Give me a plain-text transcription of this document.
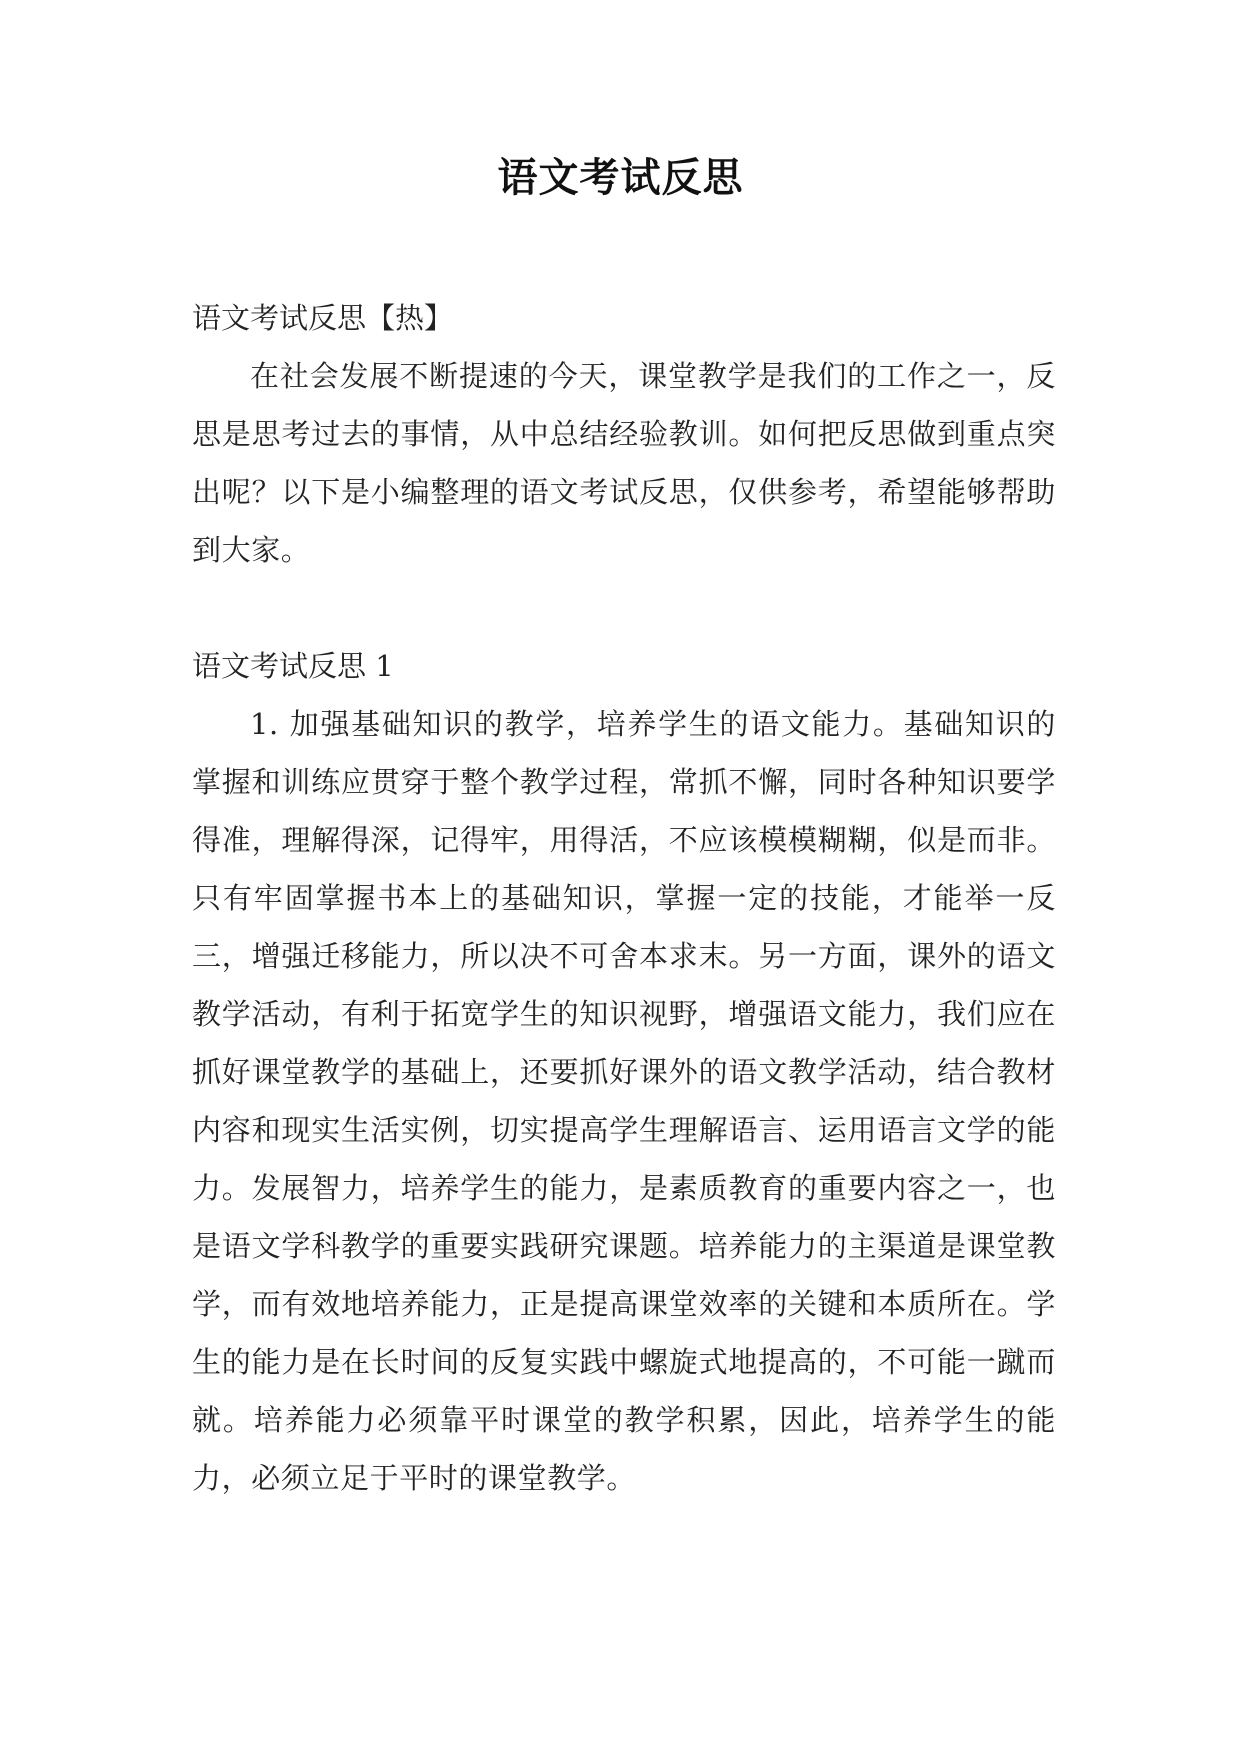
语文考试反思

语文考试反思【热】

在社会发展不断提速的今天，课堂教学是我们的工作之一，反思是思考过去的事情，从中总结经验教训。如何把反思做到重点突出呢？以下是小编整理的语文考试反思，仅供参考，希望能够帮助到大家。

语文考试反思 1

1. 加强基础知识的教学，培养学生的语文能力。基础知识的掌握和训练应贯穿于整个教学过程，常抓不懈，同时各种知识要学得准，理解得深，记得牢，用得活，不应该模模糊糊，似是而非。只有牢固掌握书本上的基础知识，掌握一定的技能，才能举一反三，增强迁移能力，所以决不可舍本求末。另一方面，课外的语文教学活动，有利于拓宽学生的知识视野，增强语文能力，我们应在抓好课堂教学的基础上，还要抓好课外的语文教学活动，结合教材内容和现实生活实例，切实提高学生理解语言、运用语言文学的能力。发展智力，培养学生的能力，是素质教育的重要内容之一，也是语文学科教学的重要实践研究课题。培养能力的主渠道是课堂教学，而有效地培养能力，正是提高课堂效率的关键和本质所在。学生的能力是在长时间的反复实践中螺旋式地提高的，不可能一蹴而就。培养能力必须靠平时课堂的教学积累，因此，培养学生的能力，必须立足于平时的课堂教学。
